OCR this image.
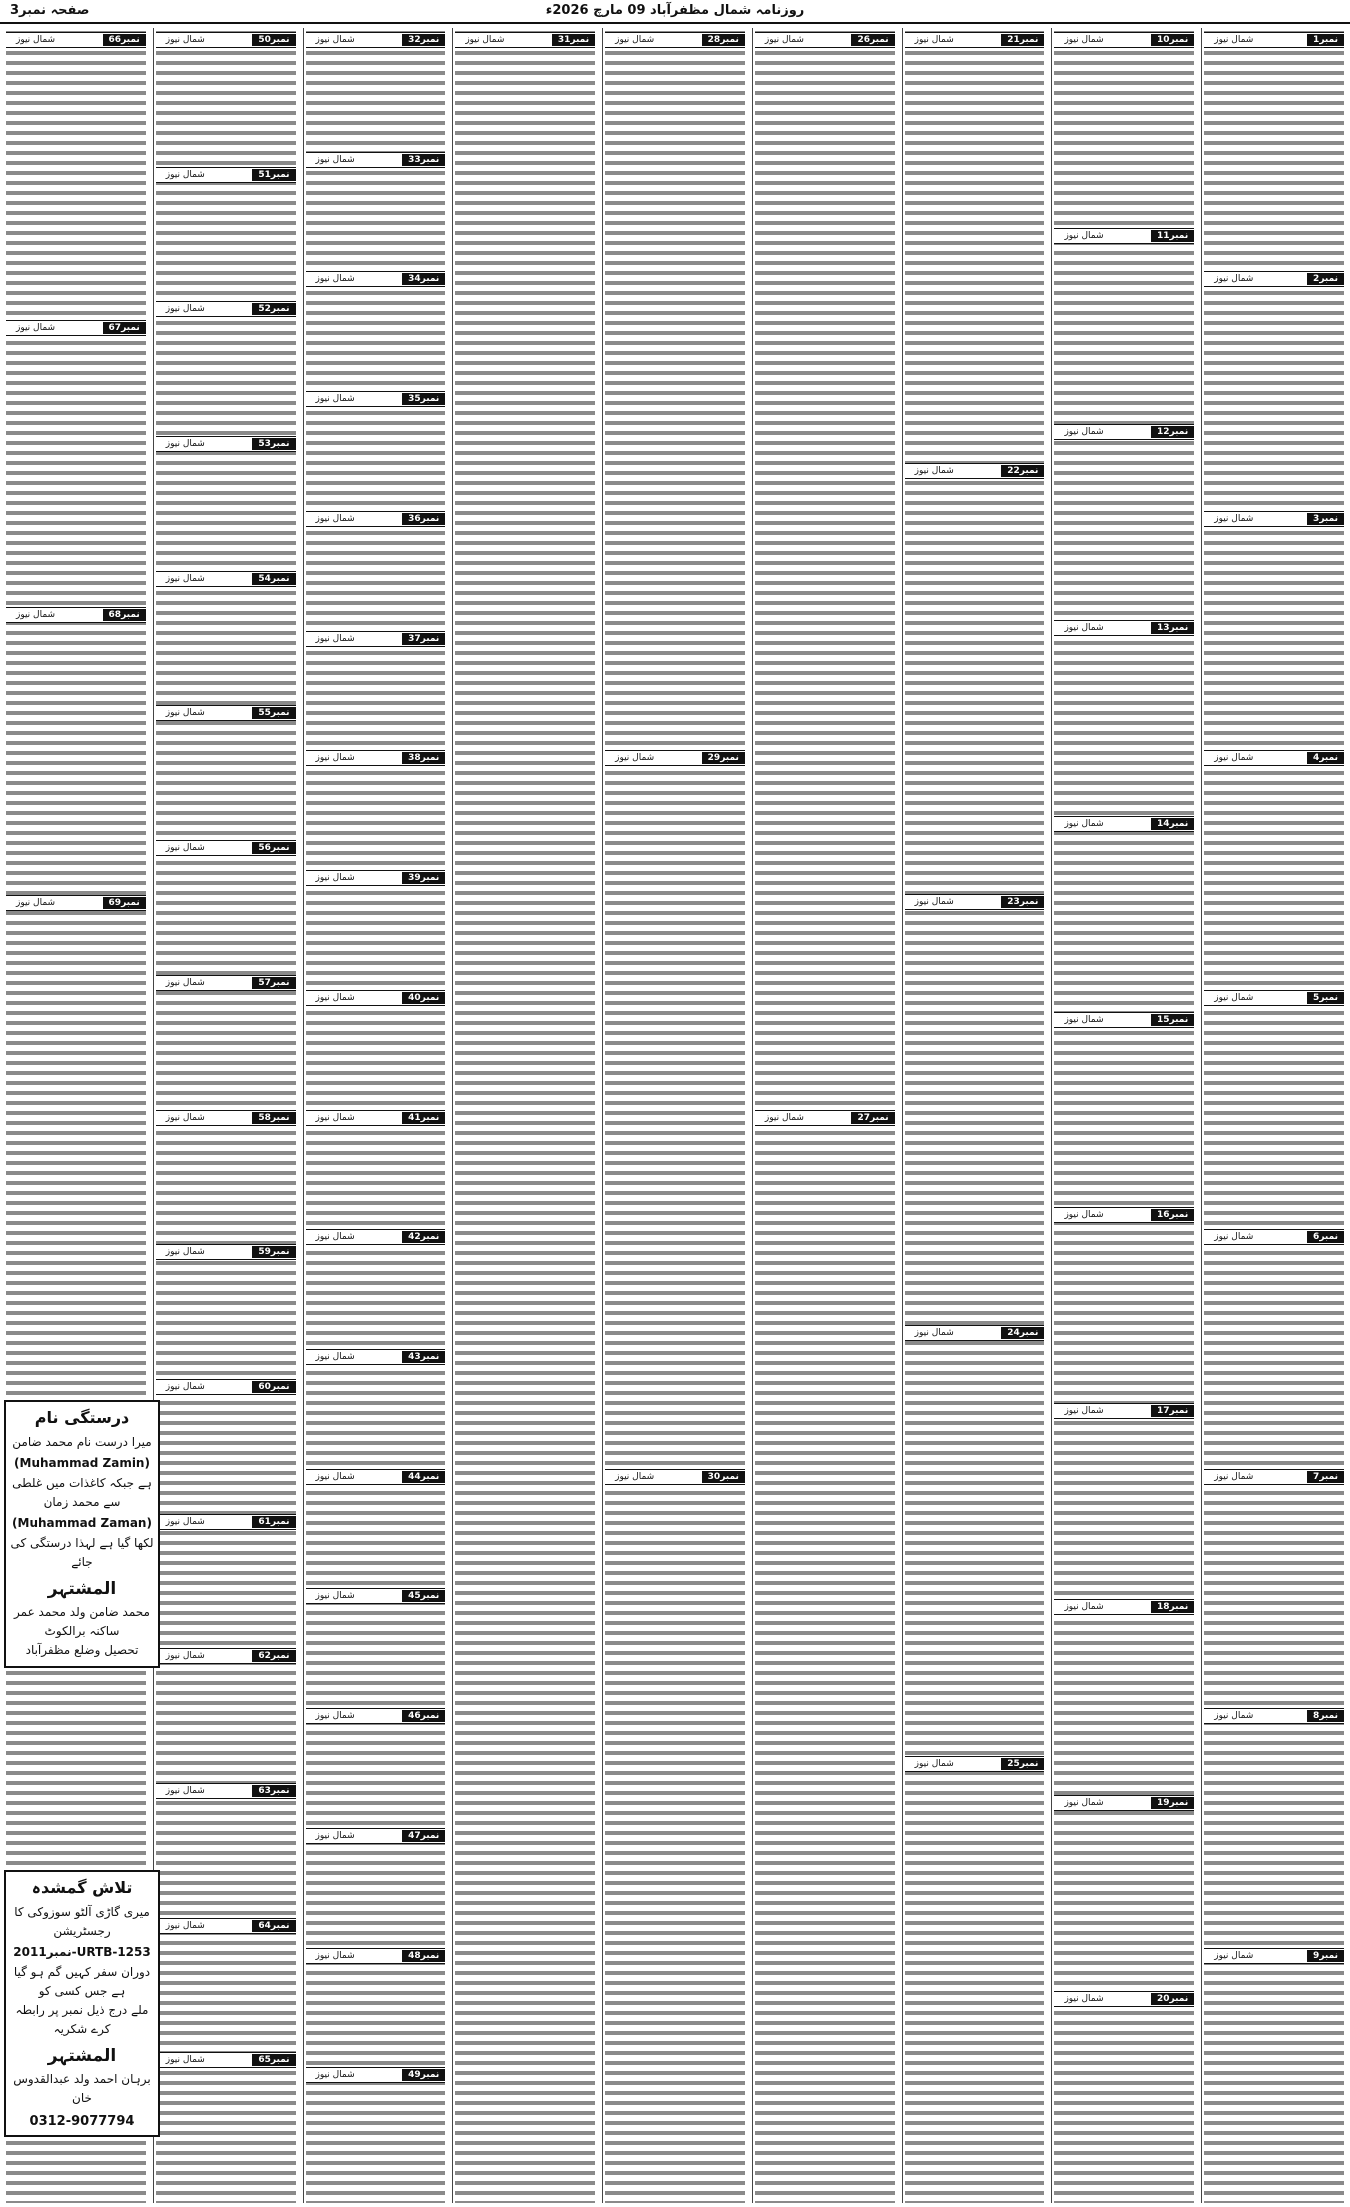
صفحہ نمبر3	روزنامہ شمال مظفرآباد 09 مارچ 2026ء
نمبر1
شمال نیوز
نمبر2
شمال نیوز
نمبر3
شمال نیوز
نمبر4
شمال نیوز
نمبر5
شمال نیوز
نمبر6
شمال نیوز
نمبر7
شمال نیوز
نمبر8
شمال نیوز
نمبر9
شمال نیوز
نمبر10
شمال نیوز
نمبر11
شمال نیوز
نمبر12
شمال نیوز
نمبر13
شمال نیوز
نمبر14
شمال نیوز
نمبر15
شمال نیوز
نمبر16
شمال نیوز
نمبر17
شمال نیوز
نمبر18
شمال نیوز
نمبر19
شمال نیوز
نمبر20
شمال نیوز
نمبر21
شمال نیوز
نمبر22
شمال نیوز
نمبر23
شمال نیوز
نمبر24
شمال نیوز
نمبر25
شمال نیوز
نمبر26
شمال نیوز
نمبر27
شمال نیوز
نمبر28
شمال نیوز
نمبر29
شمال نیوز
نمبر30
شمال نیوز
نمبر31
شمال نیوز
نمبر32
شمال نیوز
نمبر33
شمال نیوز
نمبر34
شمال نیوز
نمبر35
شمال نیوز
نمبر36
شمال نیوز
نمبر37
شمال نیوز
نمبر38
شمال نیوز
نمبر39
شمال نیوز
نمبر40
شمال نیوز
نمبر41
شمال نیوز
نمبر42
شمال نیوز
نمبر43
شمال نیوز
نمبر44
شمال نیوز
نمبر45
شمال نیوز
نمبر46
شمال نیوز
نمبر47
شمال نیوز
نمبر48
شمال نیوز
نمبر49
شمال نیوز
نمبر50
شمال نیوز
نمبر51
شمال نیوز
نمبر52
شمال نیوز
نمبر53
شمال نیوز
نمبر54
شمال نیوز
نمبر55
شمال نیوز
نمبر56
شمال نیوز
نمبر57
شمال نیوز
نمبر58
شمال نیوز
نمبر59
شمال نیوز
نمبر60
شمال نیوز
نمبر61
شمال نیوز
نمبر62
شمال نیوز
نمبر63
شمال نیوز
نمبر64
شمال نیوز
نمبر65
شمال نیوز
نمبر66
شمال نیوز
نمبر67
شمال نیوز
نمبر68
شمال نیوز
نمبر69
شمال نیوز
درستگی نام
میرا درست نام محمد ضامن
(Muhammad Zamin)
ہے جبکہ کاغذات میں غلطی سے محمد زمان
(Muhammad Zaman)
لکھا گیا ہے لہذا درستگی کی جائے
المشتہر
محمد ضامن ولد محمد عمر ساکنہ برالکوٹ
تحصیل وضلع مظفرآباد
تلاش گمشدہ
میری گاڑی آلٹو سوزوکی کا رجسٹریشن
نمبر2011-URTB-1253
دوران سفر کہیں گم ہو گیا ہے جس کسی کو
ملے درج ذیل نمبر پر رابطہ کرے شکریہ
المشتہر
برہان احمد ولد عبدالقدوس خان
0312-9077794
